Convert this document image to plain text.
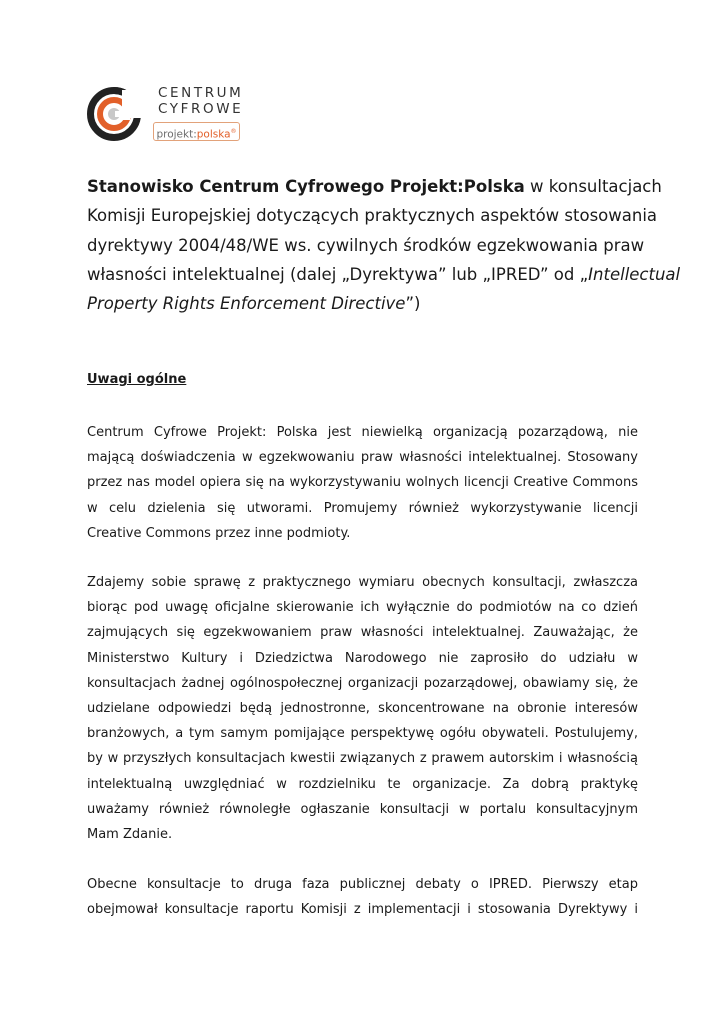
CENTRUM
CYFROWE
projekt:polska®
Stanowisko Centrum Cyfrowego Projekt:Polska w konsultacjach
Komisji Europejskiej dotyczących praktycznych aspektów stosowania
dyrektywy 2004/48/WE ws. cywilnych środków egzekwowania praw
własności intelektualnej (dalej „Dyrektywa” lub „IPRED” od „Intellectual
Property Rights Enforcement Directive”)
Uwagi ogólne
Centrum Cyfrowe Projekt: Polska jest niewielką organizacją pozarządową, nie
mającą doświadczenia w egzekwowaniu praw własności intelektualnej. Stosowany
przez nas model opiera się na wykorzystywaniu wolnych licencji Creative Commons
w celu dzielenia się utworami. Promujemy również wykorzystywanie licencji
Creative Commons przez inne podmioty.
Zdajemy sobie sprawę z praktycznego wymiaru obecnych konsultacji, zwłaszcza
biorąc pod uwagę oficjalne skierowanie ich wyłącznie do podmiotów na co dzień
zajmujących się egzekwowaniem praw własności intelektualnej. Zauważając, że
Ministerstwo Kultury i Dziedzictwa Narodowego nie zaprosiło do udziału w
konsultacjach żadnej ogólnospołecznej organizacji pozarządowej, obawiamy się, że
udzielane odpowiedzi będą jednostronne, skoncentrowane na obronie interesów
branżowych, a tym samym pomijające perspektywę ogółu obywateli. Postulujemy,
by w przyszłych konsultacjach kwestii związanych z prawem autorskim i własnością
intelektualną uwzględniać w rozdzielniku te organizacje. Za dobrą praktykę
uważamy również równoległe ogłaszanie konsultacji w portalu konsultacyjnym
Mam Zdanie.
Obecne konsultacje to druga faza publicznej debaty o IPRED. Pierwszy etap
obejmował konsultacje raportu Komisji z implementacji i stosowania Dyrektywy i
